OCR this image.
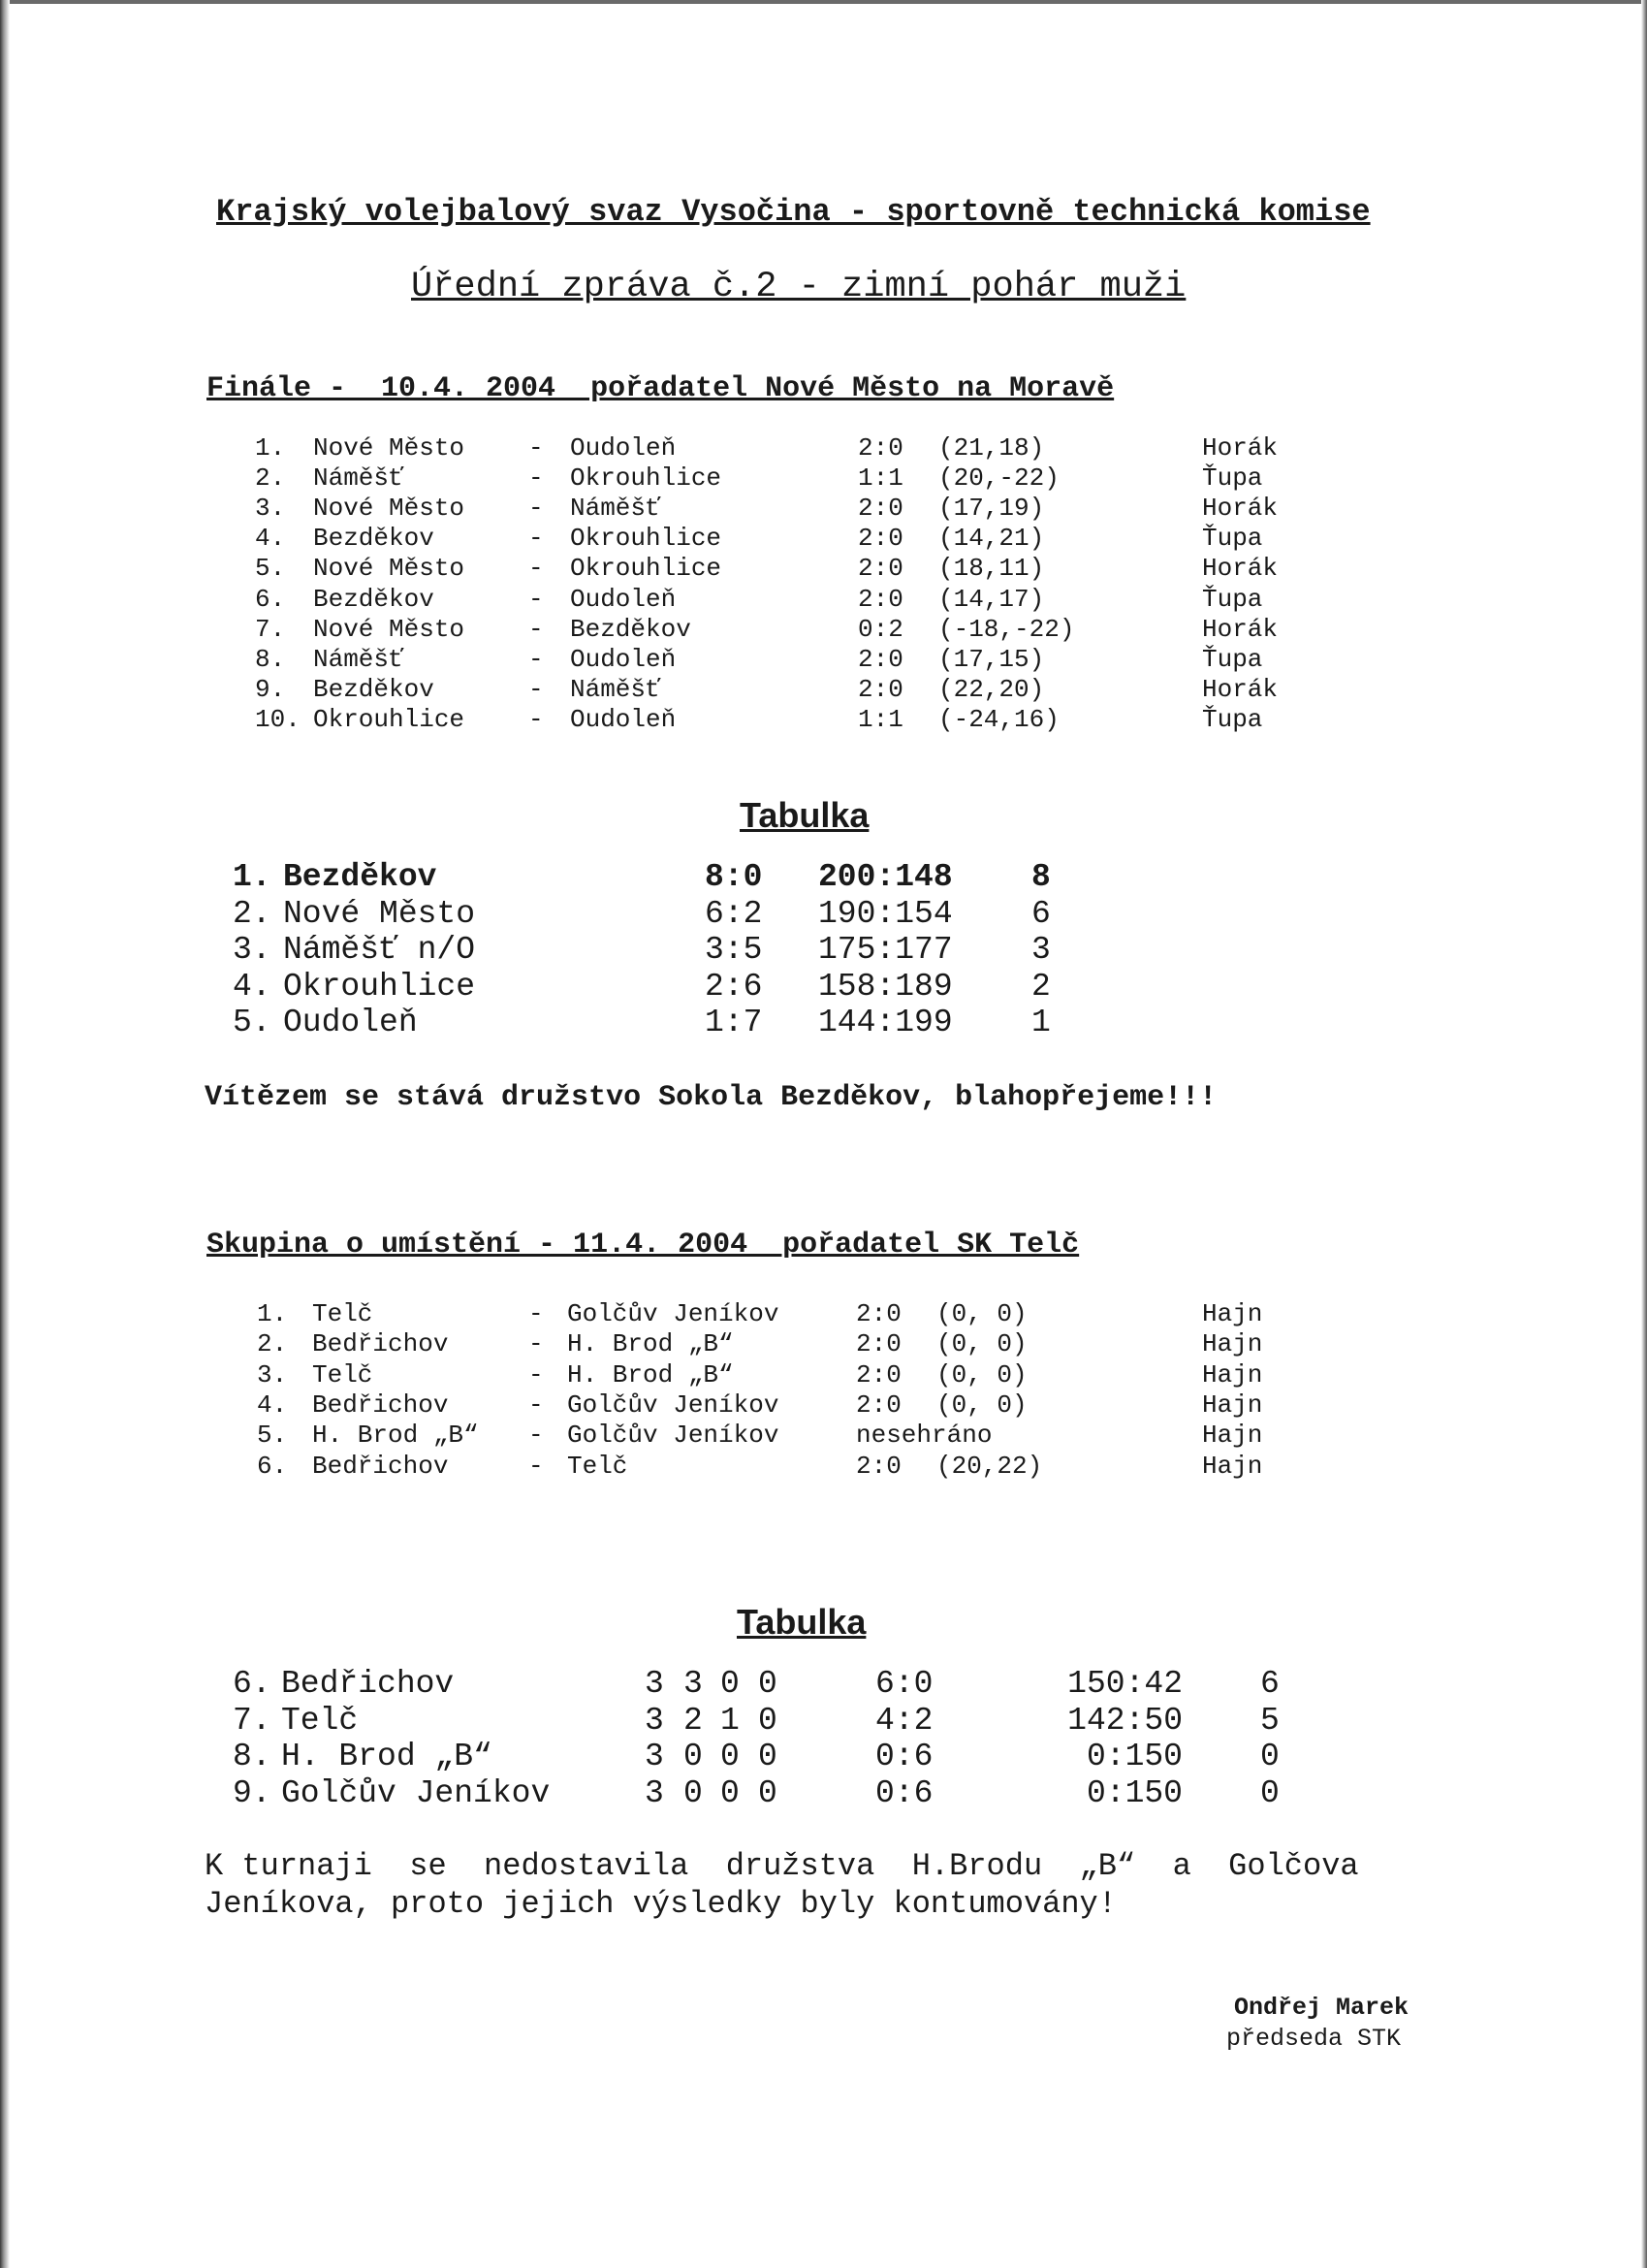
Krajský volejbalový svaz Vysočina - sportovně technická komise
Úřední zpráva č.2 - zimní pohár muži
Finále -  10.4. 2004  pořadatel Nové Město na Moravě
1. Nové Město	- Oudoleň	2:0 (21,18)	Horák
2. Náměšť	- Okrouhlice	1:1 (20,-22)	Ťupa
3. Nové Město	- Náměšť	2:0 (17,19)	Horák
4. Bezděkov	- Okrouhlice	2:0 (14,21)	Ťupa
5. Nové Město	- Okrouhlice	2:0 (18,11)	Horák
6. Bezděkov	- Oudoleň	2:0 (14,17)	Ťupa
7. Nové Město	- Bezděkov	0:2 (-18,-22)	Horák
8. Náměšť	- Oudoleň	2:0 (17,15)	Ťupa
9. Bezděkov	- Náměšť	2:0 (22,20)	Horák
10. Okrouhlice	- Oudoleň	1:1 (-24,16)	Ťupa
Tabulka
1. Bezděkov	8:0 200:148 8
2. Nové Město	6:2 190:154 6
3. Náměšť n/O	3:5 175:177 3
4. Okrouhlice	2:6 158:189 2
5. Oudoleň	1:7 144:199 1
Vítězem se stává družstvo Sokola Bezděkov, blahopřejeme!!!
Skupina o umístění - 11.4. 2004  pořadatel SK Telč
1. Telč	- Golčův Jeníkov	2:0 (0, 0)	Hajn
2. Bedřichov	- H. Brod „B“	2:0 (0, 0)	Hajn
3. Telč	- H. Brod „B“	2:0 (0, 0)	Hajn
4. Bedřichov	- Golčův Jeníkov	2:0 (0, 0)	Hajn
5. H. Brod „B“ - Golčův Jeníkov	nesehráno	Hajn
6. Bedřichov	- Telč	2:0 (20,22)	Hajn
Tabulka
6. Bedřichov	3 3 0 0	6:0	150:42 6
7. Telč	3 2 1 0	4:2	142:50 5
8. H. Brod „B“	3 0 0 0	0:6	0:150 0
9. Golčův Jeníkov	3 0 0 0	0:6	0:150 0
K turnaji  se  nedostavila  družstva  H.Brodu  „B“  a  Golčova
Jeníkova, proto jejich výsledky byly kontumovány!
Ondřej Marek
předseda STK
